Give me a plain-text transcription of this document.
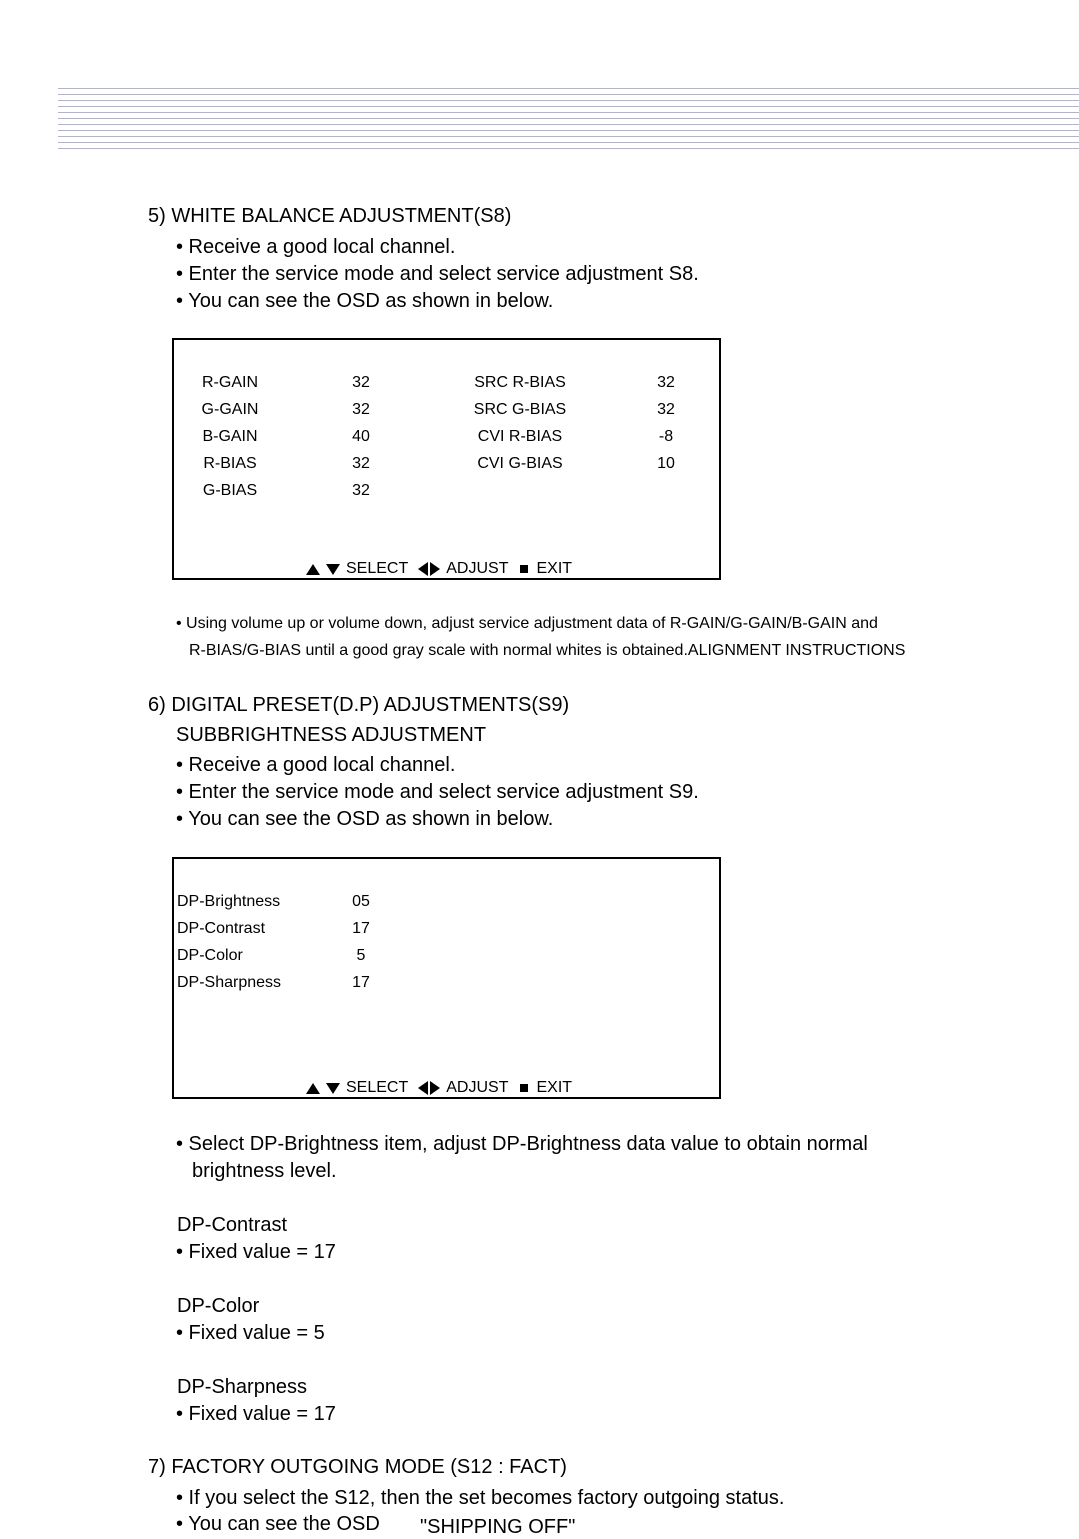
5) WHITE BALANCE ADJUSTMENT(S8)
• Receive a good local channel.
• Enter the service mode and select service adjustment S8.
• You can see the OSD as shown in below.
R-GAIN
G-GAIN
B-GAIN
R-BIAS
G-BIAS
32
32
40
32
32
SRC R-BIAS
SRC G-BIAS
CVI R-BIAS
CVI G-BIAS
32
32
-8
10
SELECT ADJUST EXIT
• Using volume up or volume down, adjust service adjustment data of R-GAIN/G-GAIN/B-GAIN and
R-BIAS/G-BIAS until a good gray scale with normal whites is obtained.ALIGNMENT INSTRUCTIONS
6) DIGITAL PRESET(D.P) ADJUSTMENTS(S9)
SUBBRIGHTNESS ADJUSTMENT
• Receive a good local channel.
• Enter the service mode and select service adjustment S9.
• You can see the OSD as shown in below.
DP-Brightness
DP-Contrast
DP-Color
DP-Sharpness
05
17
5
17
SELECT ADJUST EXIT
• Select DP-Brightness item, adjust DP-Brightness data value to obtain normal
brightness level.
DP-Contrast
• Fixed value = 17
DP-Color
• Fixed value = 5
DP-Sharpness
• Fixed value = 17
7) FACTORY OUTGOING MODE (S12 : FACT)
• If you select the S12, then the set becomes factory outgoing status.
• You can see the OSD "SHIPPING OFF"
